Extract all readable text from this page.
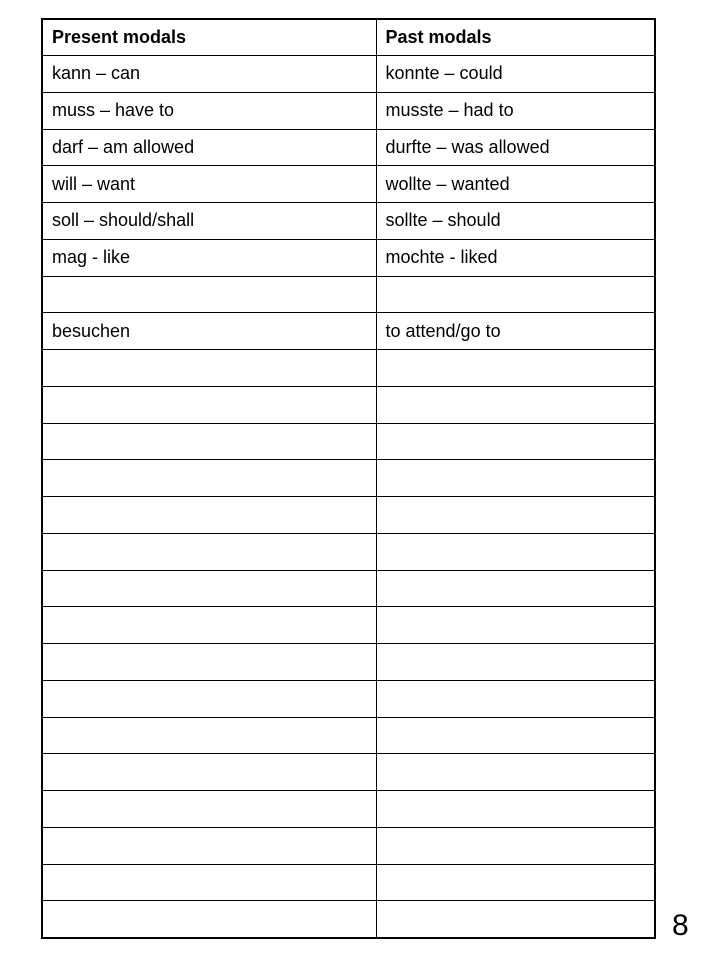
Present modals	Past modals
kann – can	konnte – could
muss – have to	musste – had to
darf – am allowed	durfte – was allowed
will – want	wollte – wanted
soll – should/shall	sollte – should
mag - like	mochte - liked

besuchen	to attend/go to

8
